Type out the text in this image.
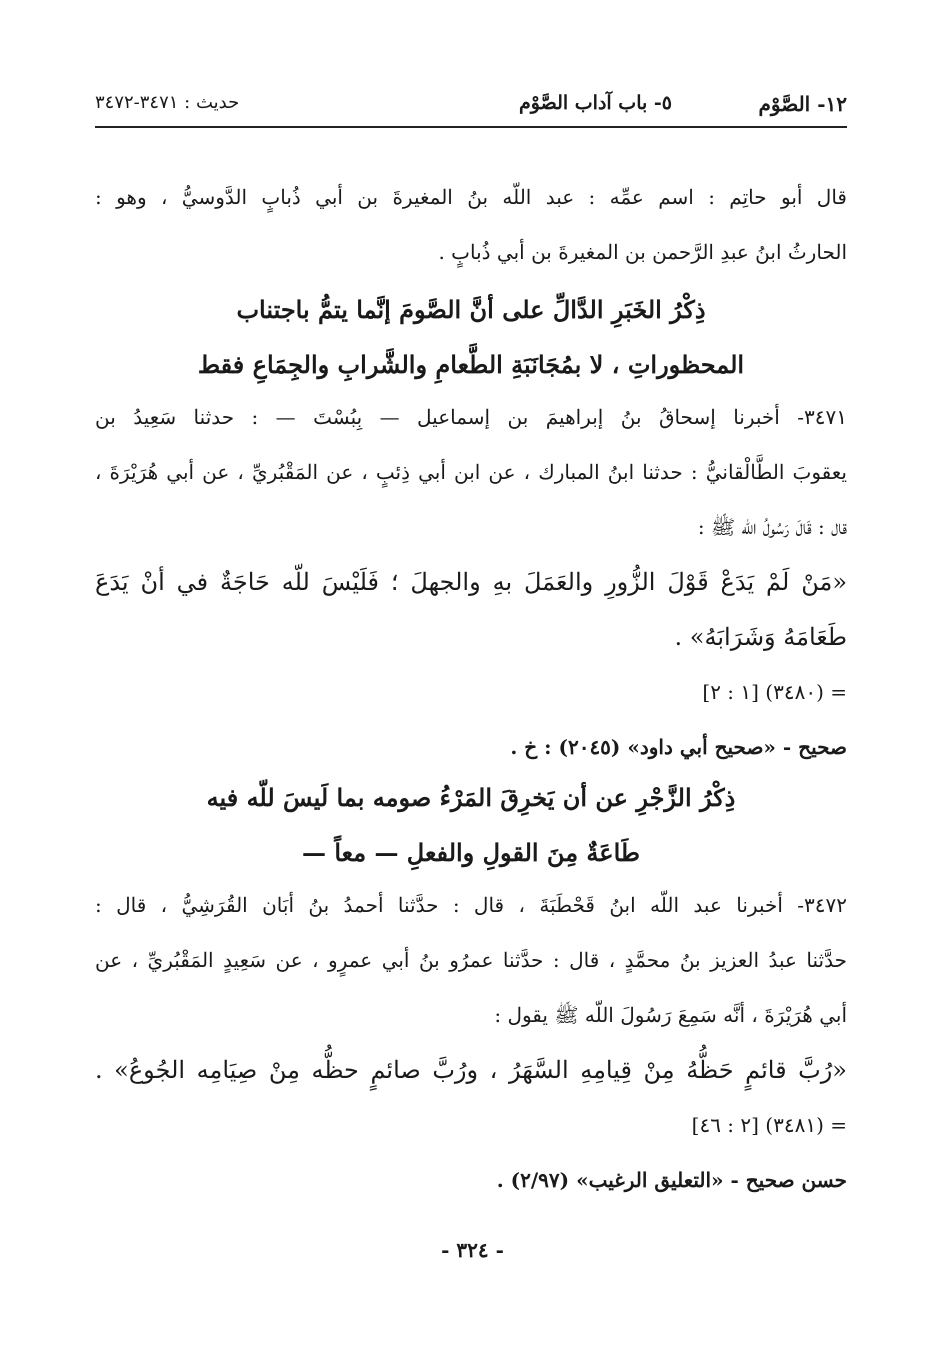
١٢- الصَّوْم
٥- باب آداب الصَّوْم
حديث : ٣٤٧١-٣٤٧٢
قال أبو حاتِم : اسم عمِّه : عبد اللّه بنُ المغيرةَ بن أبي ذُبابٍ الدَّوسيُّ ، وهو :
الحارثُ ابنُ عبدِ الرَّحمن بن المغيرةَ بن أبي ذُبابٍ .
ذِكْرُ الخَبَرِ الدَّالِّ على أنَّ الصَّومَ إنَّما يتمُّ باجتناب
المحظوراتِ ، لا بمُجَانَبَةِ الطَّعامِ والشَّرابِ والجِمَاعِ فقط
٣٤٧١- أخبرنا إسحاقُ بنُ إبراهيمَ بن إسماعيل — بِبُسْتَ — : حدثنا سَعِيدُ بن
يعقوبَ الطَّالْقانيُّ : حدثنا ابنُ المبارك ، عن ابن أبي ذِئبٍ ، عن المَقْبُريِّ ، عن أبي هُرَيْرَةَ ،
قال : قَالَ رَسُولُ اللّه ﷺ :
«مَنْ لَمْ يَدَعْ قَوْلَ الزُّورِ والعَمَلَ بهِ والجهلَ ؛ فَلَيْسَ للّه حَاجَةٌ في أنْ يَدَعَ
طَعَامَهُ وَشَرَابَهُ» .
= (٣٤٨٠) [١ : ٢]
صحيح - «صحيح أبي داود» (٢٠٤٥) : خ .
ذِكْرُ الزَّجْرِ عن أن يَخرِقَ المَرْءُ صومه بما لَيسَ للّه فيه
طَاعَةٌ مِنَ القولِ والفعلِ — معاً —
٣٤٧٢- أخبرنا عبد اللّه ابنُ قَحْطَبَةَ ، قال : حدَّثنا أحمدُ بنُ أبَان القُرَشِيُّ ، قال :
حدَّثنا عبدُ العزيز بنُ محمَّدٍ ، قال : حدَّثنا عمرُو بنُ أبي عمرٍو ، عن سَعِيدٍ المَقْبُريِّ ، عن
أبي هُرَيْرَةَ ، أنَّه سَمِعَ رَسُولَ اللّه ﷺ يقول :
«رُبَّ قائمٍ حَظُّهُ مِنْ قِيامِهِ السَّهَرُ ، ورُبَّ صائمٍ حظُّه مِنْ صِيَامِه الجُوعُ» .
= (٣٤٨١) [٢ : ٤٦]
حسن صحيح - «التعليق الرغيب» (٢/٩٧) .
- ٣٢٤ -
